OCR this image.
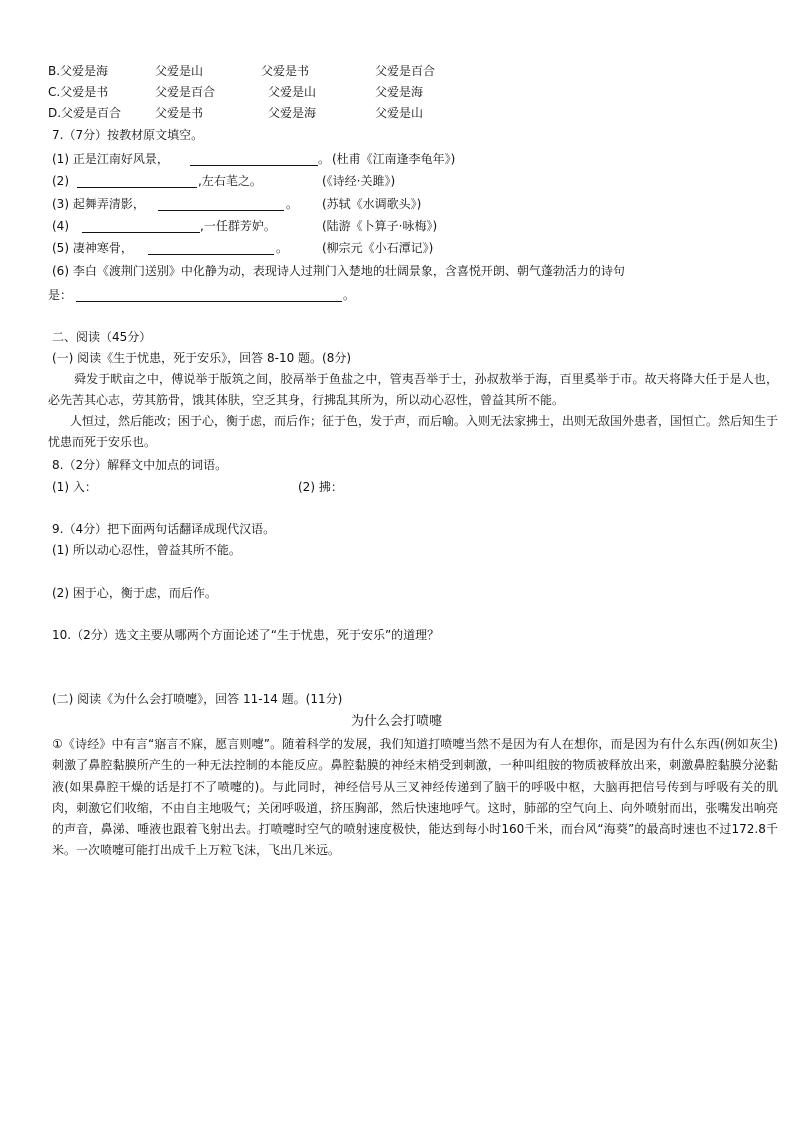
B.父爱是海	父爱是山	父爱是书	父爱是百合
C.父爱是书	父爱是百合	父爱是山	父爱是海
D.父爱是百合	父爱是书	父爱是海	父爱是山
7.（7分）按教材原文填空。
(1) 正是江南好风景，	。 (杜甫《江南逢李龟年》)
(2)	,左右芼之。	(《诗经·关雎》)
(3) 起舞弄清影，	。 (苏轼《水调歌头》)
(4)	,一任群芳妒。	(陆游《卜算子·咏梅》)
(5) 凄神寒骨，	。	(柳宗元《小石潭记》)
(6) 李白《渡荆门送别》中化静为动，表现诗人过荆门入楚地的壮阔景象，含喜悦开朗、朝气蓬勃活力的诗句
是：	。
二、阅读（45分）
(一) 阅读《生于忧患，死于安乐》，回答 8-10 题。(8分)
舜发于畎亩之中，傅说举于版筑之间，胶鬲举于鱼盐之中，管夷吾举于士，孙叔敖举于海，百里奚举于市。故天将降大任于是人也，必先苦其心志，劳其筋骨，饿其体肤，空乏其身，行拂乱其所为，所以动心忍性，曾益其所不能。
人恒过，然后能改；困于心，衡于虑，而后作；征于色，发于声，而后喻。入则无法家拂士，出则无敌国外患者，国恒亡。然后知生于忧患而死于安乐也。
8.（2分）解释文中加点的词语。
(1) 入：	(2) 拂：
9.（4分）把下面两句话翻译成现代汉语。
(1) 所以动心忍性，曾益其所不能。
(2) 困于心，衡于虑，而后作。
10.（2分）选文主要从哪两个方面论述了“生于忧患，死于安乐”的道理？
(二) 阅读《为什么会打喷嚏》，回答 11-14 题。(11分)
为什么会打喷嚏
①《诗经》中有言“寤言不寐，愿言则嚏”。随着科学的发展，我们知道打喷嚏当然不是因为有人在想你，而是因为有什么东西(例如灰尘)刺激了鼻腔黏膜所产生的一种无法控制的本能反应。鼻腔黏膜的神经末梢受到刺激，一种叫组胺的物质被释放出来，刺激鼻腔黏膜分泌黏液(如果鼻腔干燥的话是打不了喷嚏的)。与此同时，神经信号从三叉神经传递到了脑干的呼吸中枢，大脑再把信号传到与呼吸有关的肌肉，刺激它们收缩，不由自主地吸气；关闭呼吸道，挤压胸部，然后快速地呼气。这时，肺部的空气向上、向外喷射而出，张嘴发出响亮的声音，鼻涕、唾液也跟着飞射出去。打喷嚏时空气的喷射速度极快，能达到每小时160千米，而台风“海葵”的最高时速也不过172.8千米。一次喷嚏可能打出成千上万粒飞沫，飞出几米远。
